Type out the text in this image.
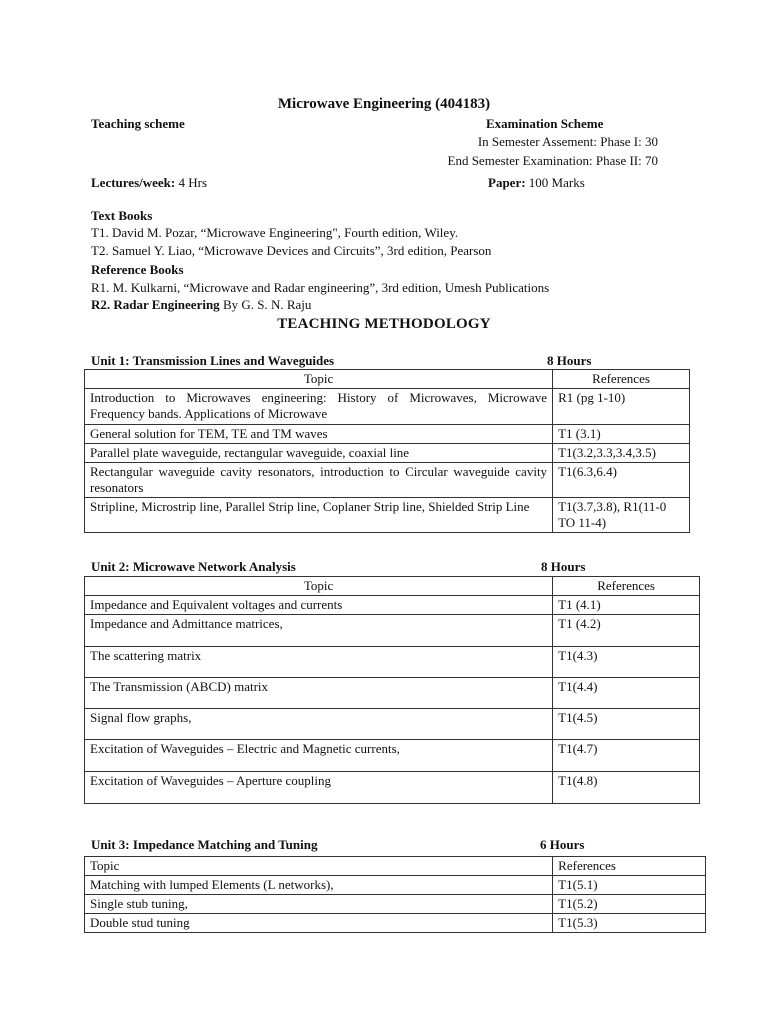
Microwave Engineering (404183)
Teaching scheme	Examination Scheme
In Semester Assement: Phase I: 30
End Semester Examination: Phase II: 70
Lectures/week: 4 Hrs	Paper: 100 Marks
Text Books
T1. David M. Pozar, “Microwave Engineering", Fourth edition, Wiley.
T2. Samuel Y. Liao, “Microwave Devices and Circuits”, 3rd edition, Pearson
Reference Books
R1. M. Kulkarni, “Microwave and Radar engineering”, 3rd edition, Umesh Publications
R2. Radar Engineering By G. S. N. Raju
TEACHING METHODOLOGY
Unit 1: Transmission Lines and Waveguides	8 Hours
Topic	References
Introduction to Microwaves engineering: History of Microwaves, Microwave Frequency bands. Applications of Microwave	R1 (pg 1-10)
General solution for TEM, TE and TM waves	T1 (3.1)
Parallel plate waveguide, rectangular waveguide, coaxial line	T1(3.2,3.3,3.4,3.5)
Rectangular waveguide cavity resonators, introduction to Circular waveguide cavity resonators	T1(6.3,6.4)
Stripline, Microstrip line, Parallel Strip line, Coplaner Strip line, Shielded Strip Line	T1(3.7,3.8), R1(11-0 TO 11-4)
Unit 2: Microwave Network Analysis	8 Hours
Topic	References
Impedance and Equivalent voltages and currents	T1 (4.1)
Impedance and Admittance matrices,	T1 (4.2)
The scattering matrix	T1(4.3)
The Transmission (ABCD) matrix	T1(4.4)
Signal flow graphs,	T1(4.5)
Excitation of Waveguides – Electric and Magnetic currents,	T1(4.7)
Excitation of Waveguides – Aperture coupling	T1(4.8)
Unit 3: Impedance Matching and Tuning	6 Hours
Topic	References
Matching with lumped Elements (L networks),	T1(5.1)
Single stub tuning,	T1(5.2)
Double stud tuning	T1(5.3)
